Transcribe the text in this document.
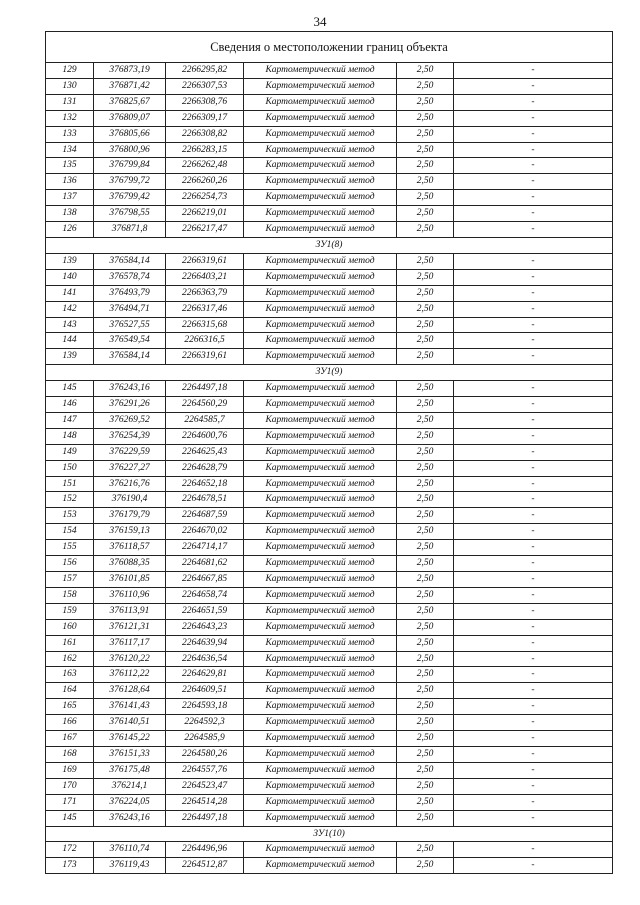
34
Сведения о местоположении границ объекта					
129	376873,19	2266295,82	Картометрический метод	2,50	-
130	376871,42	2266307,53	Картометрический метод	2,50	-
131	376825,67	2266308,76	Картометрический метод	2,50	-
132	376809,07	2266309,17	Картометрический метод	2,50	-
133	376805,66	2266308,82	Картометрический метод	2,50	-
134	376800,96	2266283,15	Картометрический метод	2,50	-
135	376799,84	2266262,48	Картометрический метод	2,50	-
136	376799,72	2266260,26	Картометрический метод	2,50	-
137	376799,42	2266254,73	Картометрический метод	2,50	-
138	376798,55	2266219,01	Картометрический метод	2,50	-
126	376871,8	2266217,47	Картометрический метод	2,50	-
ЗУ1(8)					
139	376584,14	2266319,61	Картометрический метод	2,50	-
140	376578,74	2266403,21	Картометрический метод	2,50	-
141	376493,79	2266363,79	Картометрический метод	2,50	-
142	376494,71	2266317,46	Картометрический метод	2,50	-
143	376527,55	2266315,68	Картометрический метод	2,50	-
144	376549,54	2266316,5	Картометрический метод	2,50	-
139	376584,14	2266319,61	Картометрический метод	2,50	-
ЗУ1(9)					
145	376243,16	2264497,18	Картометрический метод	2,50	-
146	376291,26	2264560,29	Картометрический метод	2,50	-
147	376269,52	2264585,7	Картометрический метод	2,50	-
148	376254,39	2264600,76	Картометрический метод	2,50	-
149	376229,59	2264625,43	Картометрический метод	2,50	-
150	376227,27	2264628,79	Картометрический метод	2,50	-
151	376216,76	2264652,18	Картометрический метод	2,50	-
152	376190,4	2264678,51	Картометрический метод	2,50	-
153	376179,79	2264687,59	Картометрический метод	2,50	-
154	376159,13	2264670,02	Картометрический метод	2,50	-
155	376118,57	2264714,17	Картометрический метод	2,50	-
156	376088,35	2264681,62	Картометрический метод	2,50	-
157	376101,85	2264667,85	Картометрический метод	2,50	-
158	376110,96	2264658,74	Картометрический метод	2,50	-
159	376113,91	2264651,59	Картометрический метод	2,50	-
160	376121,31	2264643,23	Картометрический метод	2,50	-
161	376117,17	2264639,94	Картометрический метод	2,50	-
162	376120,22	2264636,54	Картометрический метод	2,50	-
163	376112,22	2264629,81	Картометрический метод	2,50	-
164	376128,64	2264609,51	Картометрический метод	2,50	-
165	376141,43	2264593,18	Картометрический метод	2,50	-
166	376140,51	2264592,3	Картометрический метод	2,50	-
167	376145,22	2264585,9	Картометрический метод	2,50	-
168	376151,33	2264580,26	Картометрический метод	2,50	-
169	376175,48	2264557,76	Картометрический метод	2,50	-
170	376214,1	2264523,47	Картометрический метод	2,50	-
171	376224,05	2264514,28	Картометрический метод	2,50	-
145	376243,16	2264497,18	Картометрический метод	2,50	-
ЗУ1(10)					
172	376110,74	2264496,96	Картометрический метод	2,50	-
173	376119,43	2264512,87	Картометрический метод	2,50	-
